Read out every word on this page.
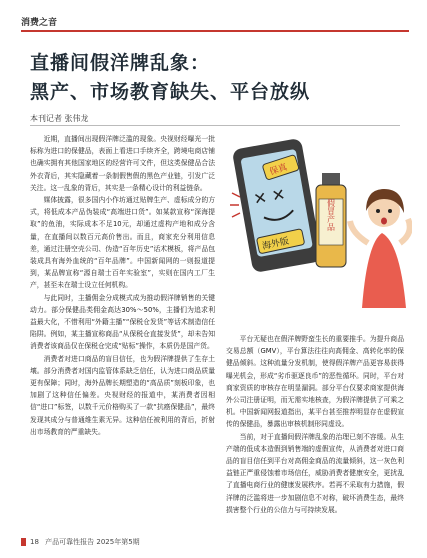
消费之音
直播间假洋牌乱象：
黑产、市场教育缺失、平台放纵
本刊记者 张伟龙

近期，直播间出现假洋牌泛滥的现象。央视财经曝光一批标称为进口的保健品，表面上看进口手续齐全，跨境电商店铺也确实拥有其他国家地区的经营许可文件，但这类保健品合法外衣背后，其实隐藏着一条制假售假的黑色产业链，引发广泛关注。这一乱象的背后，其实是一条精心设计的利益链条。

媒体披露，很多国内小作坊通过贴牌生产、虚标成分的方式，将低成本产品伪装成“高端进口货”。如某款宣称“深海提取”的鱼油，实际成本不足10元，却通过虚构产地和成分含量，在直播间以数百元高价售出。而且，商家充分利用信息差，通过注册空壳公司、伪造“百年历史”话术模板，将产品包装成具有海外血统的“百年品牌”。中国新闻网的一则报道提到，某品牌宣称“源自瑞士百年实验室”，实则在国内工厂生产，甚至未在瑞士设立任何机构。

与此同时，主播佣金分成模式成为推动假洋牌销售的关键动力。部分保健品类佣金高达30%～50%，主播们为追求利益最大化，不惜利用“外籍主播”“保税仓发货”等话术制造信任陷阱。例如，某主播宣称商品“从保税仓直接发货”，却未告知消费者该商品仅在保税仓完成“贴标”操作，本质仍是国产货。

消费者对进口商品的盲目信任，也为假洋牌提供了生存土壤。部分消费者对国内监管体系缺乏信任，认为进口商品质量更有保障；同时，海外品牌长期塑造的“高品质”刻板印象，也加剧了这种信任偏差。央视财经的报道中，某消费者因相信“进口”标签，以数千元价格购买了一款“抗癌保健品”，最终发现其成分与普通维生素无异。这种信任被利用的背后，折射出市场教育的严重缺失。

✕ ✕
保真
海外版
假冒产品

平台无疑也在假洋牌野蛮生长的重要推手。为提升商品交易总额（GMV），平台算法往往向高佣金、高转化率的保健品倾斜。这种流量分发机制，使得假洋牌产品更容易获得曝光机会，形成“劣币驱逐良币”的恶性循环。同时，平台对商家资质的审核存在明显漏洞。部分平台仅要求商家提供海外公司注册证明，而无需实地核查，为假洋牌提供了可乘之机。中国新闻网报道指出，某平台甚至推荐明显存在虚假宣传的保健品，暴露出审核机制形同虚设。

当前，对于直播间假洋牌乱象的治理已刻不容缓。从生产端的低成本造假到销售端的虚假宣传，从消费者对进口商品的盲目信任到平台对高佣金商品的流量倾斜，这一灰色利益链正严重侵蚀着市场信任，威胁消费者健康安全，更扰乱了直播电商行业的健康发展秩序。若再不采取有力措施，假洋牌的泛滥将进一步加剧信息不对称，破坏消费生态，最终损害整个行业的公信力与可持续发展。

18 产品可靠性报告 2025年第5期
